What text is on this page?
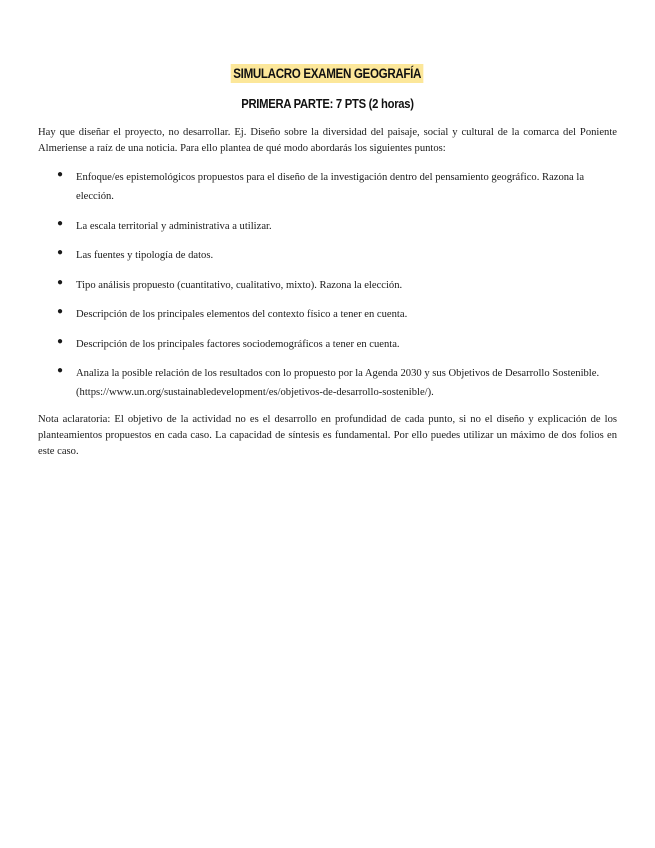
SIMULACRO EXAMEN GEOGRAFÍA
PRIMERA PARTE: 7 PTS (2 horas)

Hay que diseñar el proyecto, no desarrollar. Ej. Diseño sobre la diversidad del paisaje, social y cultural de la comarca del Poniente Almeriense a raíz de una noticia. Para ello plantea de qué modo abordarás los siguientes puntos:

● Enfoque/es epistemológicos propuestos para el diseño de la investigación dentro del pensamiento geográfico. Razona la elección.
● La escala territorial y administrativa a utilizar.
● Las fuentes y tipología de datos.
● Tipo análisis propuesto (cuantitativo, cualitativo, mixto). Razona la elección.
● Descripción de los principales elementos del contexto físico a tener en cuenta.
● Descripción de los principales factores sociodemográficos a tener en cuenta.
● Analiza la posible relación de los resultados con lo propuesto por la Agenda 2030 y sus Objetivos de Desarrollo Sostenible. (https://www.un.org/sustainabledevelopment/es/objetivos-de-desarrollo-sostenible/).

Nota aclaratoria: El objetivo de la actividad no es el desarrollo en profundidad de cada punto, si no el diseño y explicación de los planteamientos propuestos en cada caso. La capacidad de síntesis es fundamental. Por ello puedes utilizar un máximo de dos folios en este caso.
